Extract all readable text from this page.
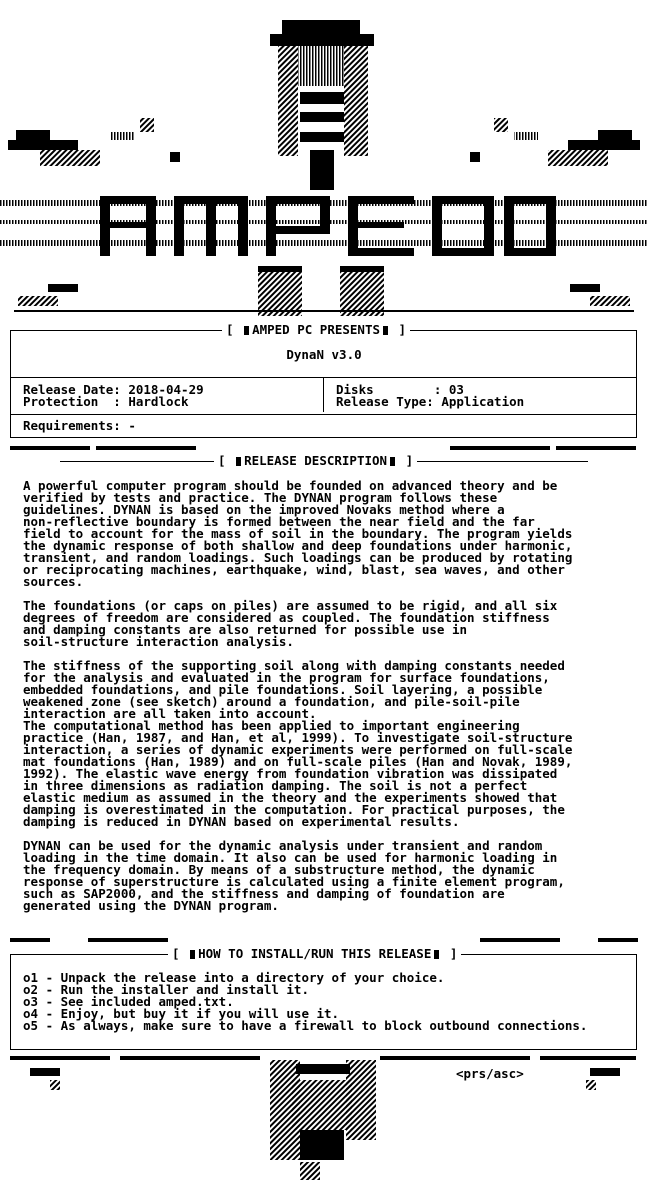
[ AMPED PC PRESENTS ]
DynaN v3.0
Release Date: 2018-04-29
Protection  : Hardlock
Disks        : 03
Release Type: Application
Requirements: -
[ RELEASE DESCRIPTION ]
A powerful computer program should be founded on advanced theory and be
verified by tests and practice. The DYNAN program follows these
guidelines. DYNAN is based on the improved Novaks method where a
non-reflective boundary is formed between the near field and the far
field to account for the mass of soil in the boundary. The program yields
the dynamic response of both shallow and deep foundations under harmonic,
transient, and random loadings. Such loadings can be produced by rotating
or reciprocating machines, earthquake, wind, blast, sea waves, and other
sources.
The foundations (or caps on piles) are assumed to be rigid, and all six
degrees of freedom are considered as coupled. The foundation stiffness
and damping constants are also returned for possible use in
soil-structure interaction analysis.
The stiffness of the supporting soil along with damping constants needed
for the analysis and evaluated in the program for surface foundations,
embedded foundations, and pile foundations. Soil layering, a possible
weakened zone (see sketch) around a foundation, and pile-soil-pile
interaction are all taken into account.
The computational method has been applied to important engineering
practice (Han, 1987, and Han, et al, 1999). To investigate soil-structure
interaction, a series of dynamic experiments were performed on full-scale
mat foundations (Han, 1989) and on full-scale piles (Han and Novak, 1989,
1992). The elastic wave energy from foundation vibration was dissipated
in three dimensions as radiation damping. The soil is not a perfect
elastic medium as assumed in the theory and the experiments showed that
damping is overestimated in the computation. For practical purposes, the
damping is reduced in DYNAN based on experimental results.
DYNAN can be used for the dynamic analysis under transient and random
loading in the time domain. It also can be used for harmonic loading in
the frequency domain. By means of a substructure method, the dynamic
response of superstructure is calculated using a finite element program,
such as SAP2000, and the stiffness and damping of foundation are
generated using the DYNAN program.
[ HOW TO INSTALL/RUN THIS RELEASE ]
o1 - Unpack the release into a directory of your choice.
o2 - Run the installer and install it.
o3 - See included amped.txt.
o4 - Enjoy, but buy it if you will use it.
o5 - As always, make sure to have a firewall to block outbound connections.
<prs/asc>
